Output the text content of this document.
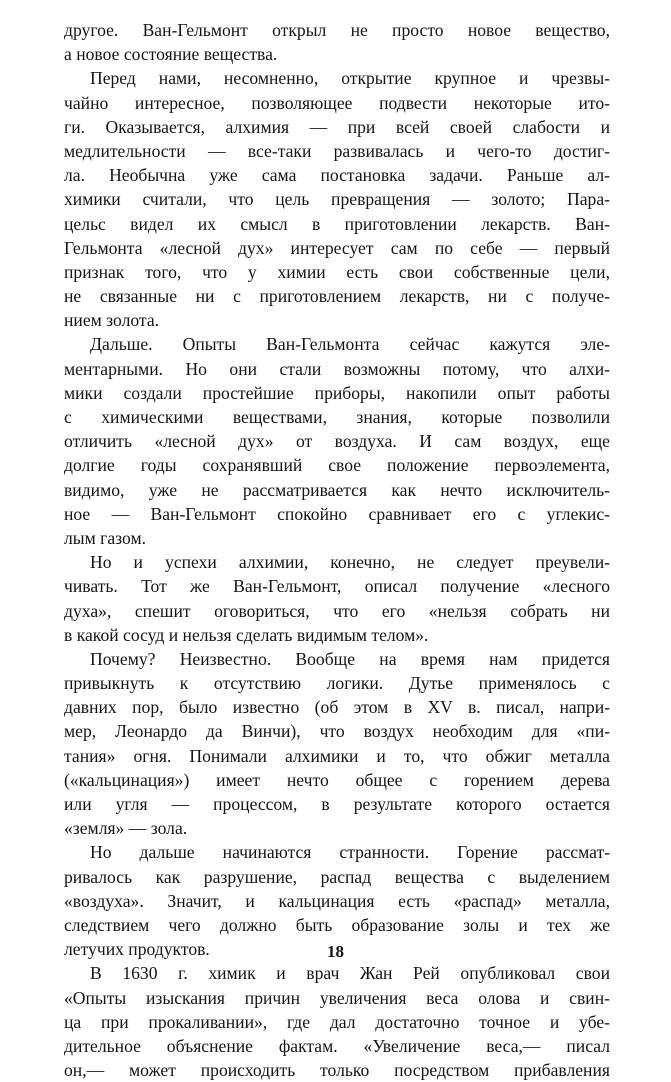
другое. Ван-Гельмонт открыл не просто новое вещество,
а новое состояние вещества.
Перед нами, несомненно, открытие крупное и чрезвы-
чайно интересное, позволяющее подвести некоторые ито-
ги. Оказывается, алхимия — при всей своей слабости и
медлительности — все-таки развивалась и чего-то достиг-
ла. Необычна уже сама постановка задачи. Раньше ал-
химики считали, что цель превращения — золото; Пара-
цельс видел их смысл в приготовлении лекарств. Ван-
Гельмонта «лесной дух» интересует сам по себе — первый
признак того, что у химии есть свои собственные цели,
не связанные ни с приготовлением лекарств, ни с получе-
нием золота.
Дальше. Опыты Ван-Гельмонта сейчас кажутся эле-
ментарными. Но они стали возможны потому, что алхи-
мики создали простейшие приборы, накопили опыт работы
с химическими веществами, знания, которые позволили
отличить «лесной дух» от воздуха. И сам воздух, еще
долгие годы сохранявший свое положение первоэлемента,
видимо, уже не рассматривается как нечто исключитель-
ное — Ван-Гельмонт спокойно сравнивает его с углекис-
лым газом.
Но и успехи алхимии, конечно, не следует преувели-
чивать. Тот же Ван-Гельмонт, описал получение «лесного
духа», спешит оговориться, что его «нельзя собрать ни
в какой сосуд и нельзя сделать видимым телом».
Почему? Неизвестно. Вообще на время нам придется
привыкнуть к отсутствию логики. Дутье применялось с
давних пор, было известно (об этом в XV в. писал, напри-
мер, Леонардо да Винчи), что воздух необходим для «пи-
тания» огня. Понимали алхимики и то, что обжиг металла
(«кальцинация») имеет нечто общее с горением дерева
или угля — процессом, в результате которого остается
«земля» — зола.
Но дальше начинаются странности. Горение рассмат-
ривалось как разрушение, распад вещества с выделением
«воздуха». Значит, и кальцинация есть «распад» металла,
следствием чего должно быть образование золы и тех же
летучих продуктов.
В 1630 г. химик и врач Жан Рей опубликовал свои
«Опыты изыскания причин увеличения веса олова и свин-
ца при прокаливании», где дал достаточно точное и убе-
дительное объяснение фактам. «Увеличение веса,— писал
он,— может происходить только посредством прибавления
18
